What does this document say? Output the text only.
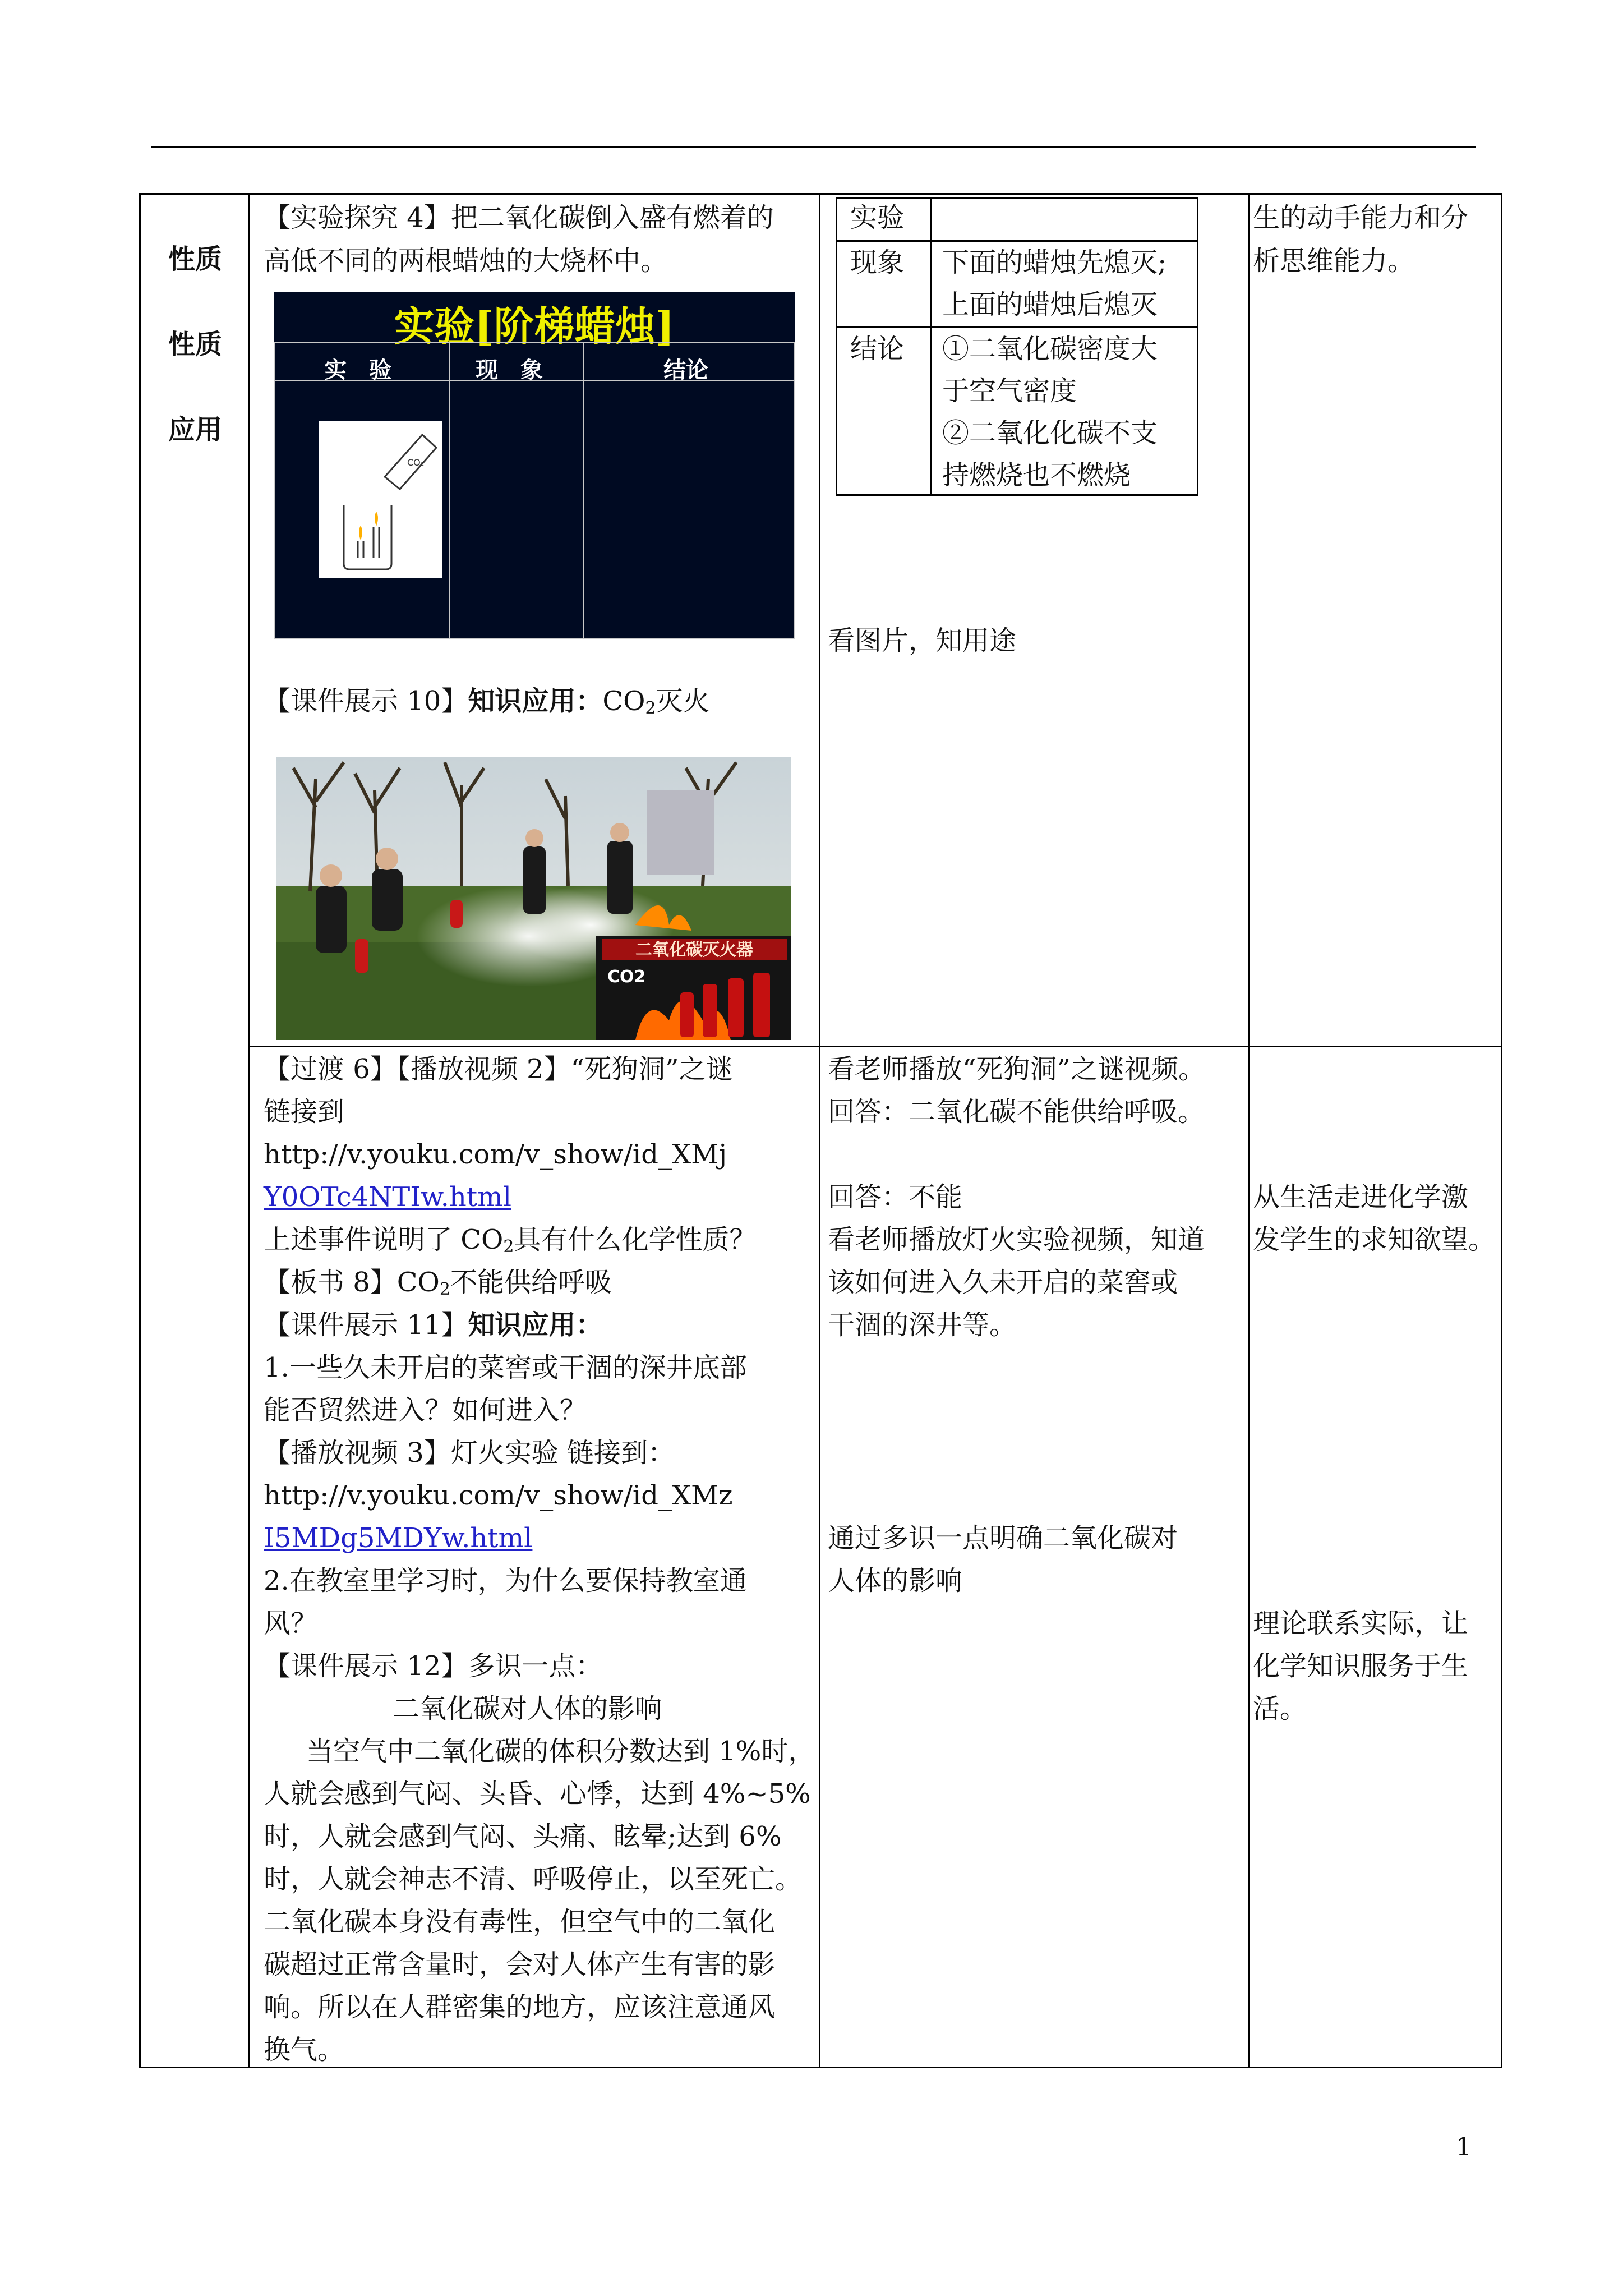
性质
性质
应用
【实验探究 4】把二氧化碳倒入盛有燃着的
高低不同的两根蜡烛的大烧杯中。
实验[阶梯蜡烛]
实　验	现　象	结论
CO₂
【课件展示 10】知识应用：$CO_2$灭火
二氧化碳灭火器
CO2
实验
现象 下面的蜡烛先熄灭;
上面的蜡烛后熄灭
结论 ①二氧化碳密度大
于空气密度
②二氧化化碳不支
持燃烧也不燃烧
看图片，知用途
生的动手能力和分
析思维能力。
【过渡 6】【播放视频 2】“死狗洞”之谜
链接到
http://v.youku.com/v_show/id_XMj
Y0OTc4NTIw.html
上述事件说明了 $CO_2$具有什么化学性质？
【板书 8】$CO_2$不能供给呼吸
【课件展示 11】知识应用：
1.一些久未开启的菜窖或干涸的深井底部
能否贸然进入？如何进入？
【播放视频 3】灯火实验 链接到：
http://v.youku.com/v_show/id_XMz
I5MDg5MDYw.html
2.在教室里学习时，为什么要保持教室通
风？
【课件展示 12】多识一点：
二氧化碳对人体的影响
当空气中二氧化碳的体积分数达到 1%时，
人就会感到气闷、头昏、心悸，达到 4%~5%
时，人就会感到气闷、头痛、眩晕;达到 6%
时，人就会神志不清、呼吸停止，以至死亡。
二氧化碳本身没有毒性，但空气中的二氧化
碳超过正常含量时，会对人体产生有害的影
响。所以在人群密集的地方，应该注意通风
换气。
看老师播放“死狗洞”之谜视频。
回答：二氧化碳不能供给呼吸。
回答：不能
看老师播放灯火实验视频，知道
该如何进入久未开启的菜窖或
干涸的深井等。
通过多识一点明确二氧化碳对
人体的影响
从生活走进化学激
发学生的求知欲望。
理论联系实际，让
化学知识服务于生
活。
1
